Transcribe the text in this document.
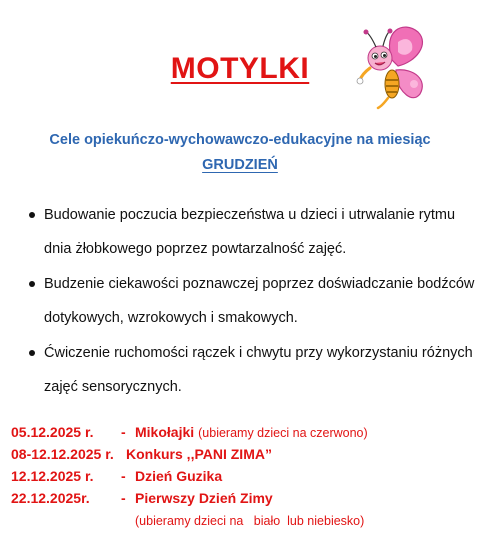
MOTYLKI
Cele opiekuńczo-wychowawczo-edukacyjne na miesiąc
GRUDZIEŃ
Budowanie poczucia bezpieczeństwa u dzieci i utrwalanie rytmu dnia żłobkowego poprzez powtarzalność zajęć.
Budzenie ciekawości poznawczej poprzez doświadczanie bodźców dotykowych, wzrokowych i smakowych.
Ćwiczenie ruchomości rączek i chwytu przy wykorzystaniu różnych zajęć sensorycznych.
05.12.2025 r.	- Mikołajki (ubieramy dzieci na czerwono)
08-12.12.2025 r. Konkurs ,,PANI ZIMA”
12.12.2025 r.	- Dzień Guzika
22.12.2025r.	- Pierwszy Dzień Zimy
(ubieramy dzieci na   biało  lub niebiesko)
